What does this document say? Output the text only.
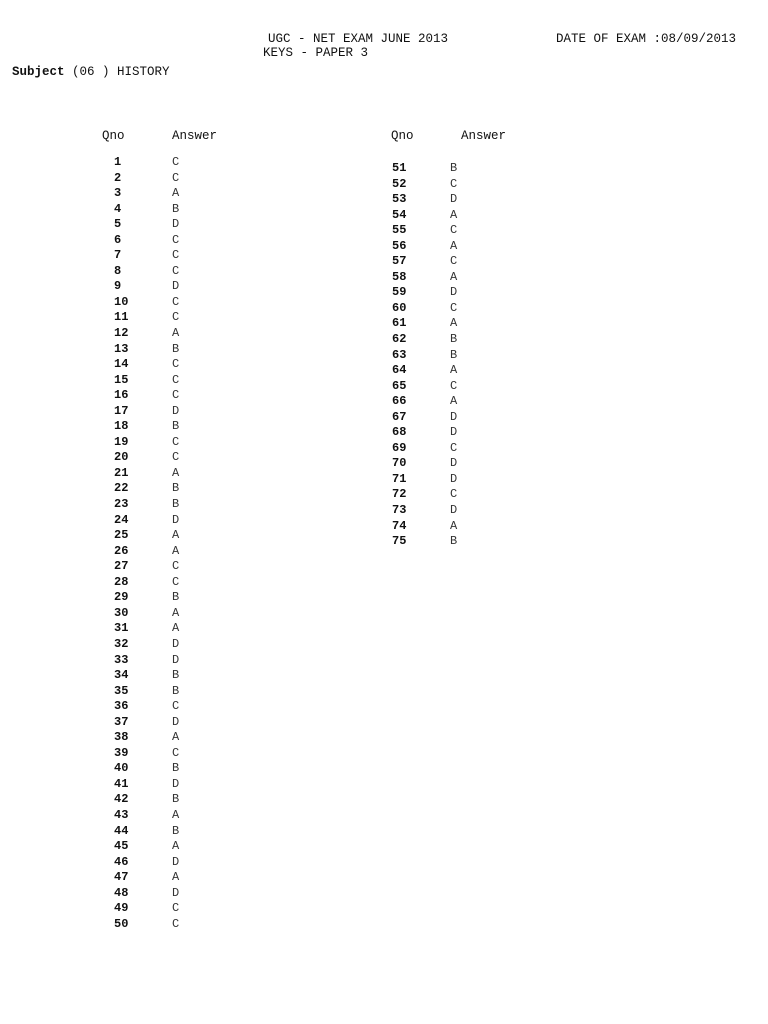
UGC - NET EXAM JUNE 2013
KEYS - PAPER 3
DATE OF EXAM :08/09/2013
Subject (06 ) HISTORY
Qno	Answer	Qno	Answer
1	C
2	C
3	A
4	B
5	D
6	C
7	C
8	C
9	D
10	C
11	C
12	A
13	B
14	C
15	C
16	C
17	D
18	B
19	C
20	C
21	A
22	B
23	B
24	D
25	A
26	A
27	C
28	C
29	B
30	A
31	A
32	D
33	D
34	B
35	B
36	C
37	D
38	A
39	C
40	B
41	D
42	B
43	A
44	B
45	A
46	D
47	A
48	D
49	C
50	C
51	B
52	C
53	D
54	A
55	C
56	A
57	C
58	A
59	D
60	C
61	A
62	B
63	B
64	A
65	C
66	A
67	D
68	D
69	C
70	D
71	D
72	C
73	D
74	A
75	B
